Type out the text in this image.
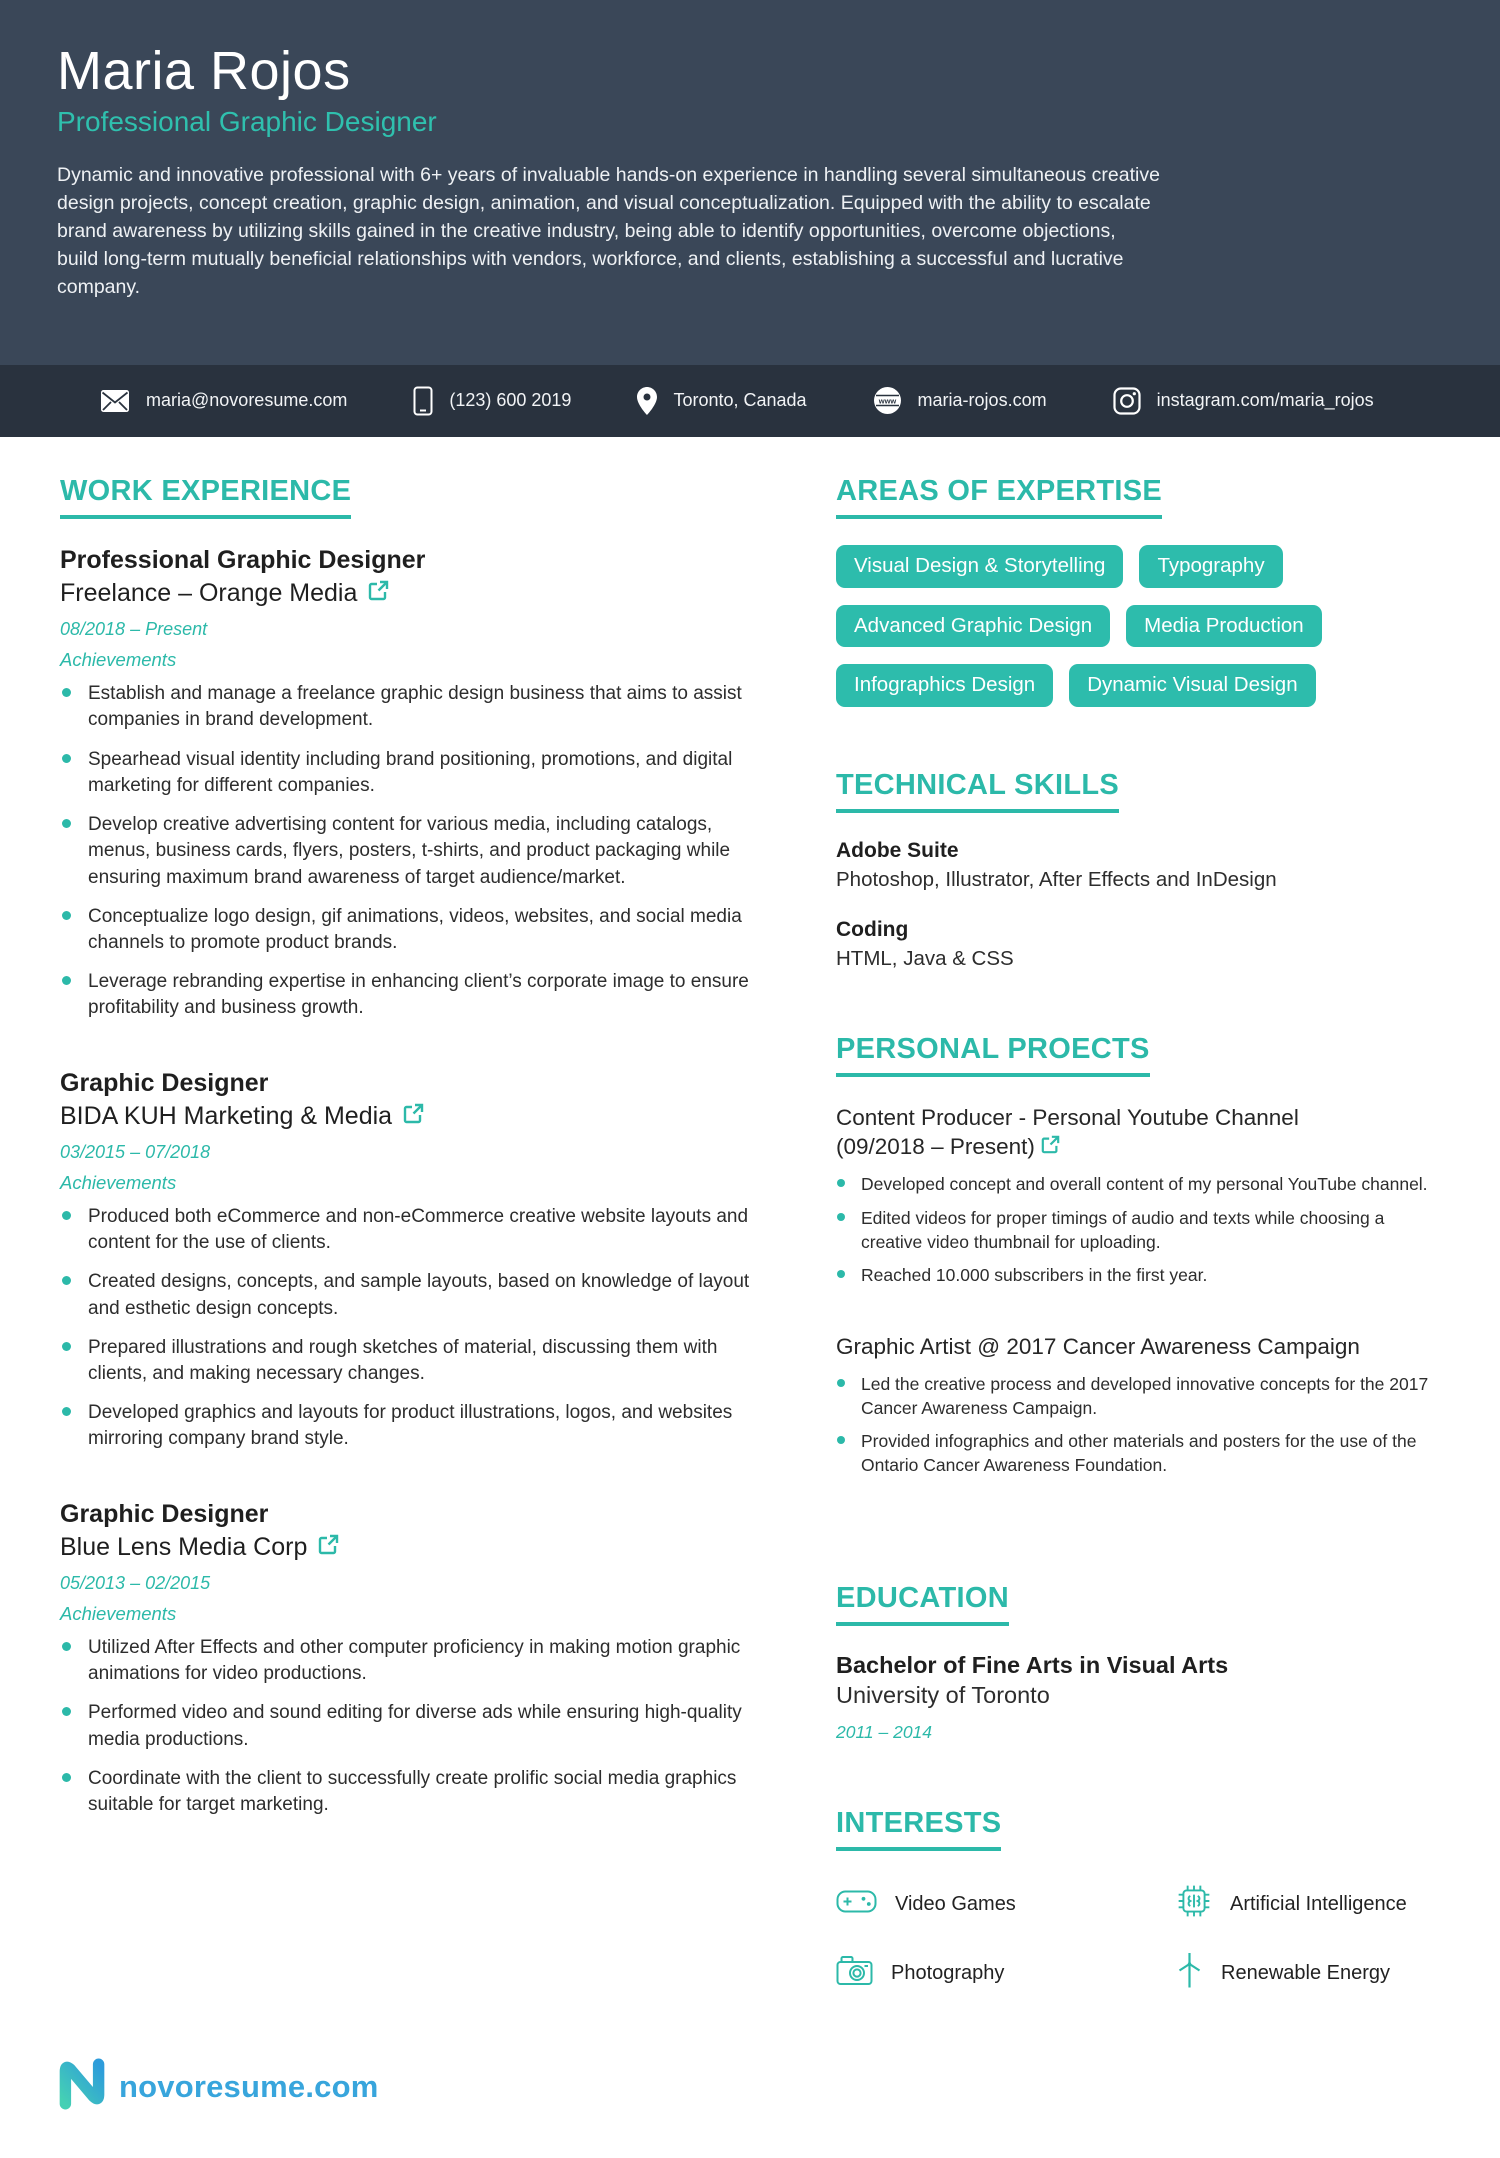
Maria Rojos
Professional Graphic Designer

Dynamic and innovative professional with 6+ years of invaluable hands-on experience in handling several simultaneous creative design projects, concept creation, graphic design, animation, and visual conceptualization. Equipped with the ability to escalate brand awareness by utilizing skills gained in the creative industry, being able to identify opportunities, overcome objections, build long-term mutually beneficial relationships with vendors, workforce, and clients, establishing a successful and lucrative company.

maria@novoresume.com	(123) 600 2019	Toronto, Canada	www maria-rojos.com	instagram.com/maria_rojos
WORK EXPERIENCE
Professional Graphic Designer
Freelance – Orange Media
08/2018 – Present
Achievements
Establish and manage a freelance graphic design business that aims to assist companies in brand development.
Spearhead visual identity including brand positioning, promotions, and digital marketing for different companies.
Develop creative advertising content for various media, including catalogs, menus, business cards, flyers, posters, t-shirts, and product packaging while ensuring maximum brand awareness of target audience/market.
Conceptualize logo design, gif animations, videos, websites, and social media channels to promote product brands.
Leverage rebranding expertise in enhancing client’s corporate image to ensure profitability and business growth.
Graphic Designer
BIDA KUH Marketing & Media
03/2015 – 07/2018
Achievements
Produced both eCommerce and non-eCommerce creative website layouts and content for the use of clients.
Created designs, concepts, and sample layouts, based on knowledge of layout and esthetic design concepts.
Prepared illustrations and rough sketches of material, discussing them with clients, and making necessary changes.
Developed graphics and layouts for product illustrations, logos, and websites mirroring company brand style.
Graphic Designer
Blue Lens Media Corp
05/2013 – 02/2015
Achievements
Utilized After Effects and other computer proficiency in making motion graphic animations for video productions.
Performed video and sound editing for diverse ads while ensuring high-quality media productions.
Coordinate with the client to successfully create prolific social media graphics suitable for target marketing.
AREAS OF EXPERTISE
Visual Design & Storytelling	Typography
Advanced Graphic Design	Media Production
Infographics Design	Dynamic Visual Design
TECHNICAL SKILLS
Adobe Suite
Photoshop, Illustrator, After Effects and InDesign
Coding
HTML, Java & CSS
PERSONAL PROECTS
Content Producer - Personal Youtube Channel (09/2018 – Present)
Developed concept and overall content of my personal YouTube channel.
Edited videos for proper timings of audio and texts while choosing a creative video thumbnail for uploading.
Reached 10.000 subscribers in the first year.
Graphic Artist @ 2017 Cancer Awareness Campaign
Led the creative process and developed innovative concepts for the 2017 Cancer Awareness Campaign.
Provided infographics and other materials and posters for the use of the Ontario Cancer Awareness Foundation.
EDUCATION
Bachelor of Fine Arts in Visual Arts
University of Toronto
2011 – 2014
INTERESTS
Video Games	Artificial Intelligence
Photography	Renewable Energy
novoresume.com
